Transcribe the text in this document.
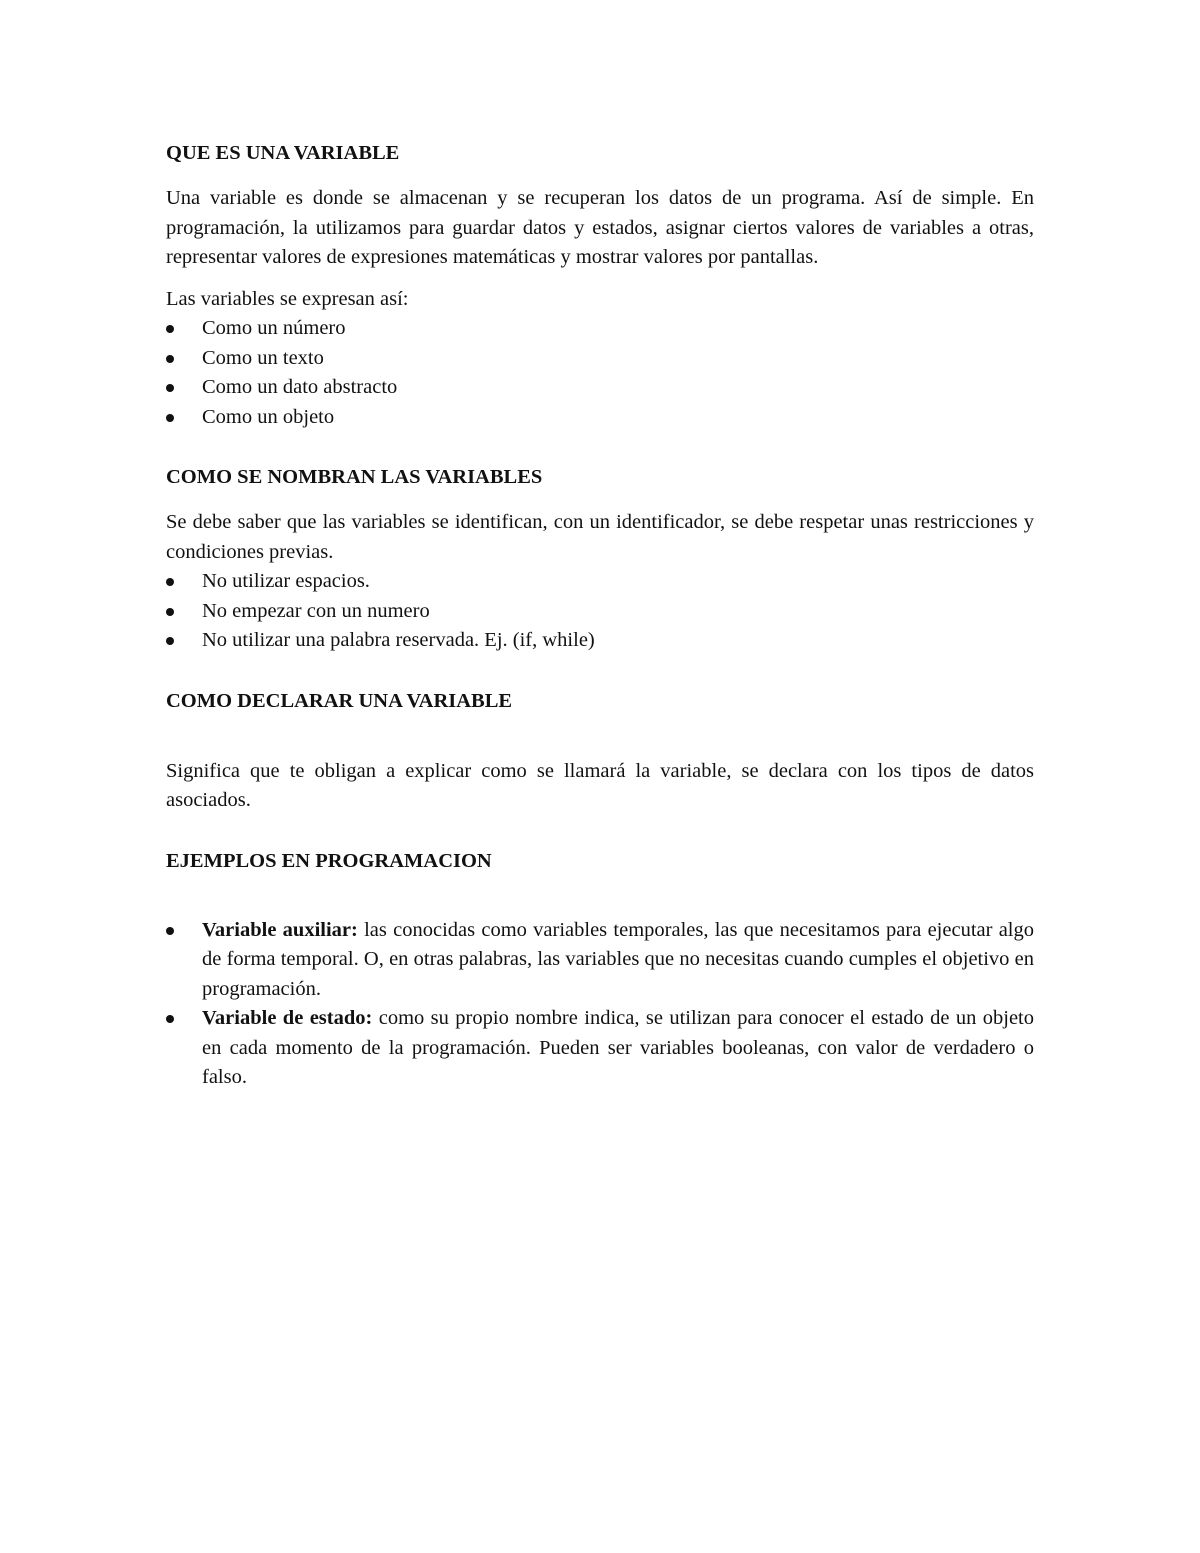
QUE ES UNA VARIABLE

Una variable es donde se almacenan y se recuperan los datos de un programa. Así de simple. En programación, la utilizamos para guardar datos y estados, asignar ciertos valores de variables a otras, representar valores de expresiones matemáticas y mostrar valores por pantallas.

Las variables se expresan así:

Como un número
Como un texto
Como un dato abstracto
Como un objeto
COMO SE NOMBRAN LAS VARIABLES

Se debe saber que las variables se identifican, con un identificador, se debe respetar unas restricciones y condiciones previas.

No utilizar espacios.
No empezar con un numero
No utilizar una palabra reservada. Ej. (if, while)
COMO DECLARAR UNA VARIABLE

Significa que te obligan a explicar como se llamará la variable, se declara con los tipos de datos asociados.

EJEMPLOS EN PROGRAMACION
Variable auxiliar: las conocidas como variables temporales, las que necesitamos para ejecutar algo de forma temporal. O, en otras palabras, las variables que no necesitas cuando cumples el objetivo en programación.
Variable de estado: como su propio nombre indica, se utilizan para conocer el estado de un objeto en cada momento de la programación. Pueden ser variables booleanas, con valor de verdadero o falso.
